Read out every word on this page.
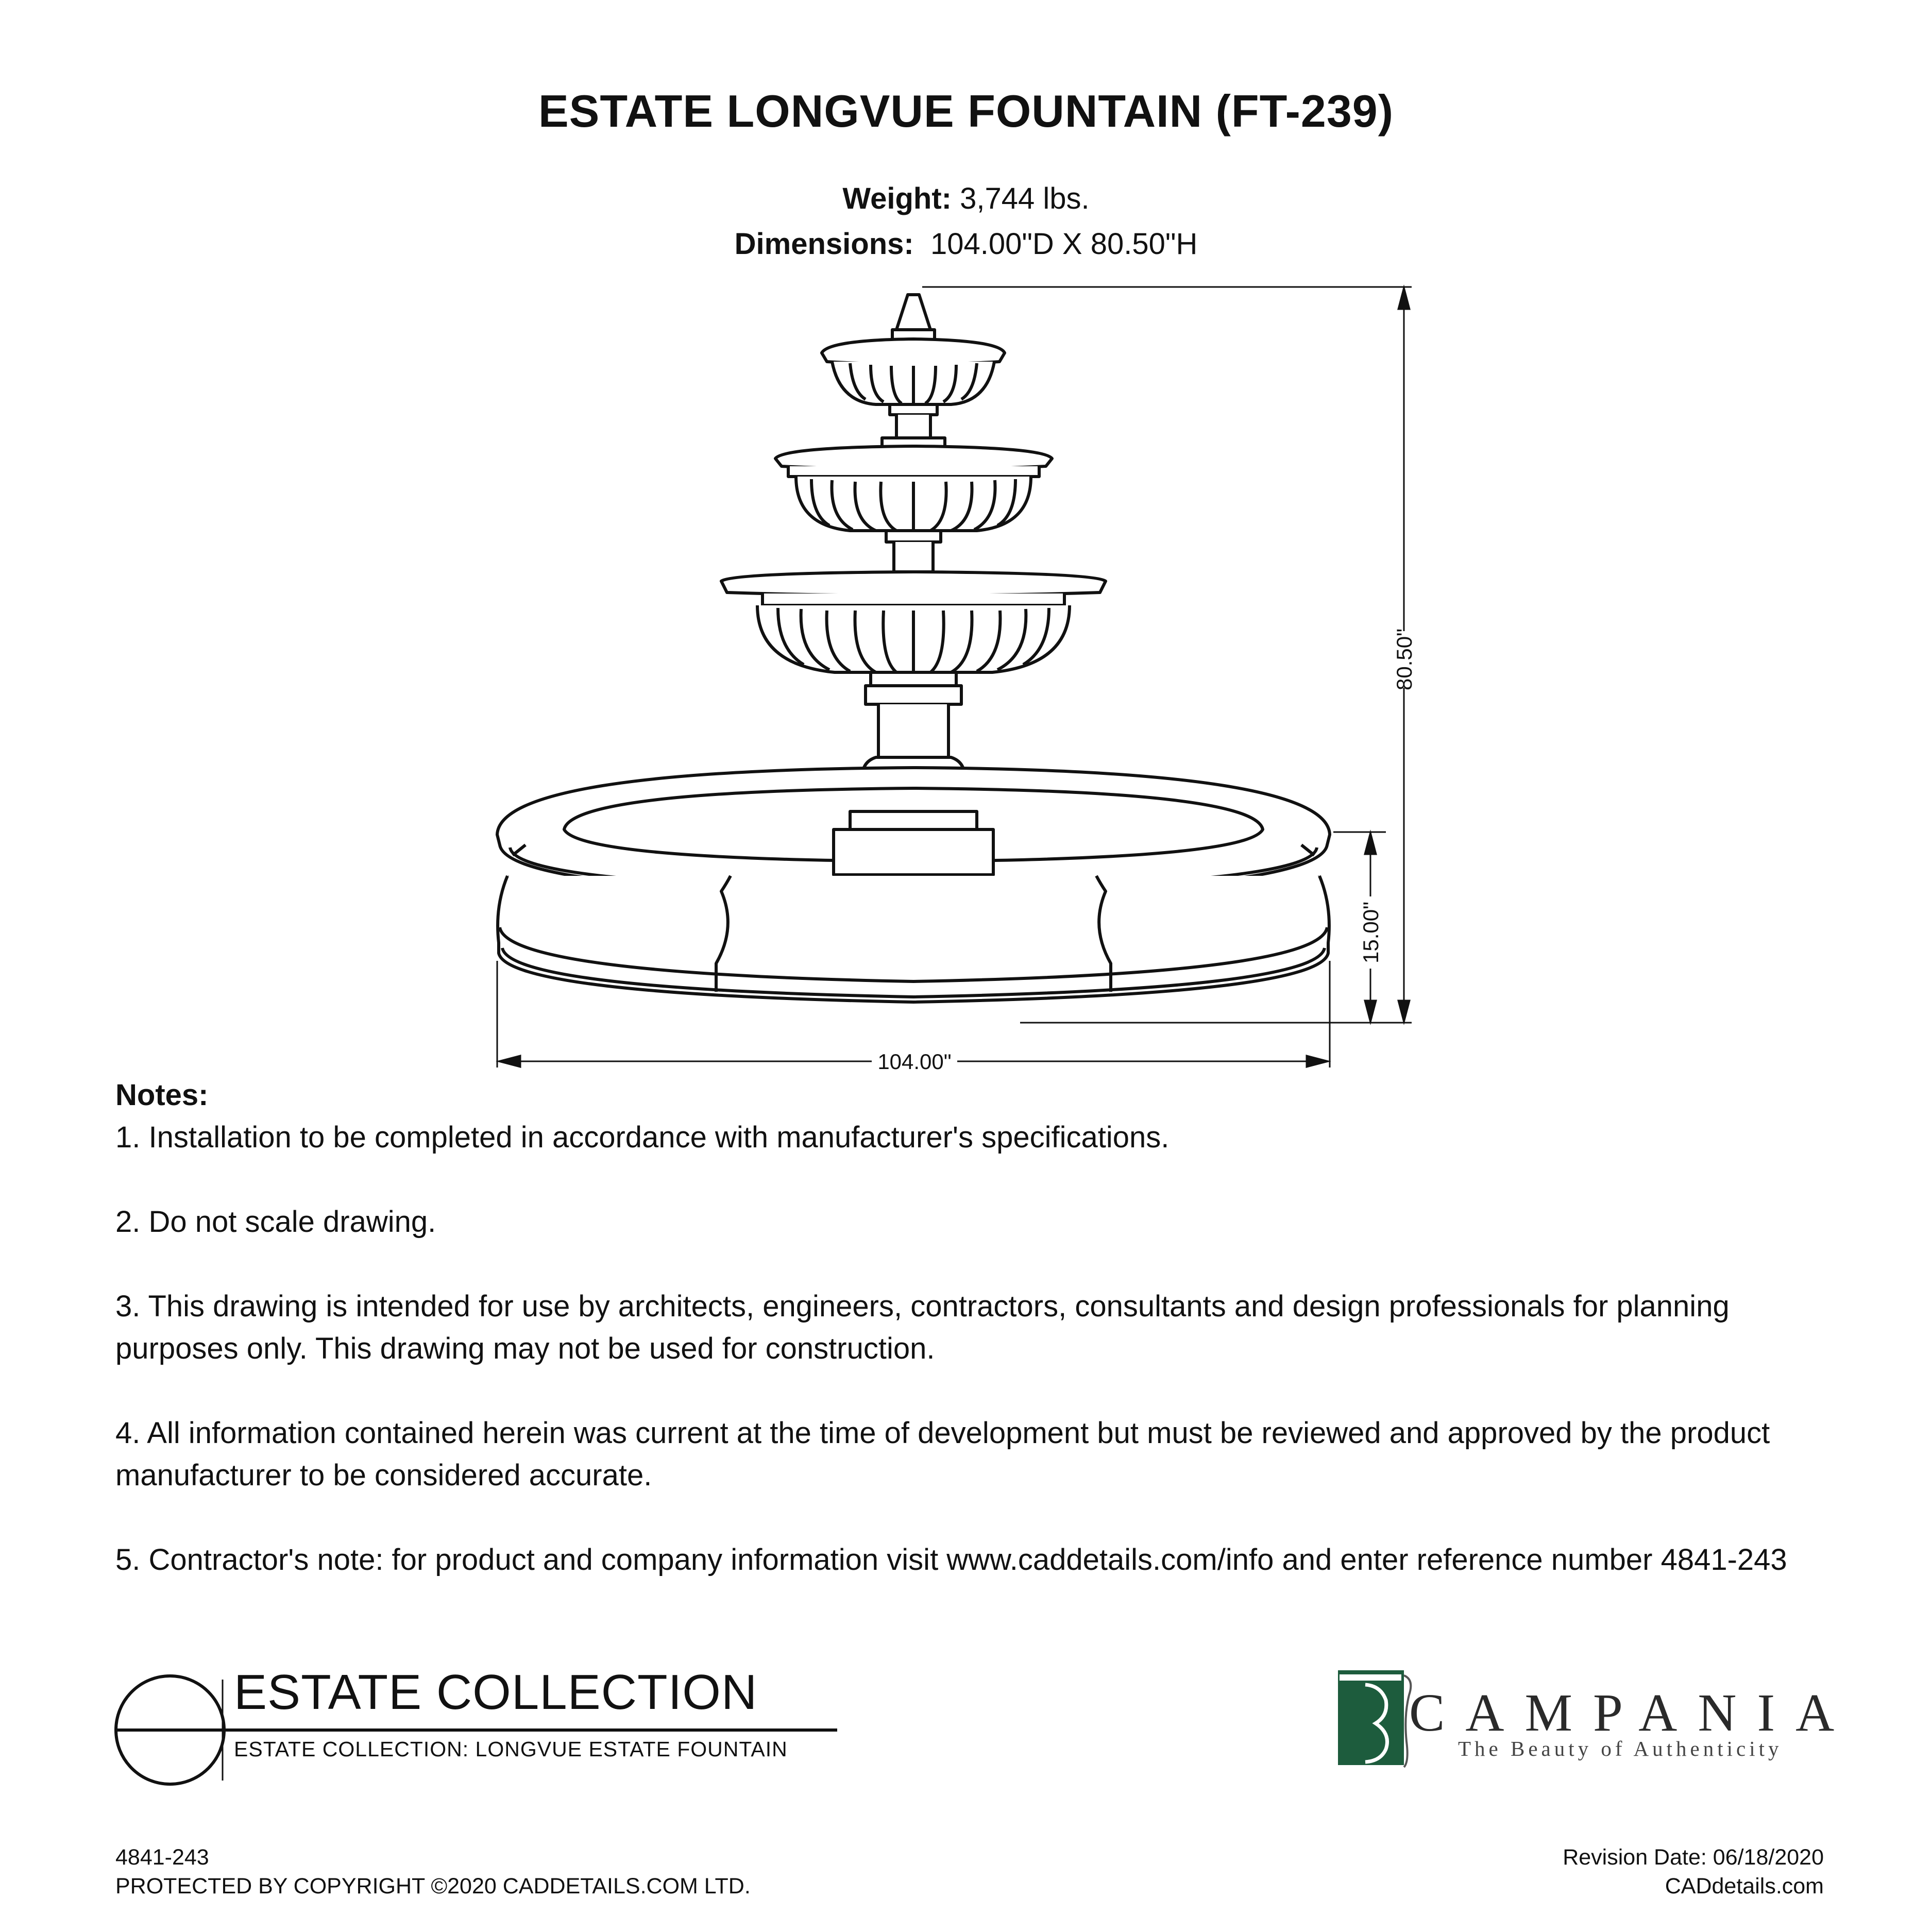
ESTATE LONGVUE FOUNTAIN (FT-239)
Weight: 3,744 lbs.
Dimensions: 104.00"D X 80.50"H
80.50"
15.00"
104.00"
Notes:

1. Installation to be completed in accordance with manufacturer's specifications.

2. Do not scale drawing.

3. This drawing is intended for use by architects, engineers, contractors, consultants and design professionals for planning purposes only. This drawing may not be used for construction.

4. All information contained herein was current at the time of development but must be reviewed and approved by the product manufacturer to be considered accurate.

5. Contractor's note: for product and company information visit www.caddetails.com/info and enter reference number 4841-243

ESTATE COLLECTION
ESTATE COLLECTION: LONGVUE ESTATE FOUNTAIN
CAMPANIA
The Beauty of Authenticity
4841-243
PROTECTED BY COPYRIGHT ©2020 CADDETAILS.COM LTD.
Revision Date: 06/18/2020
CADdetails.com
